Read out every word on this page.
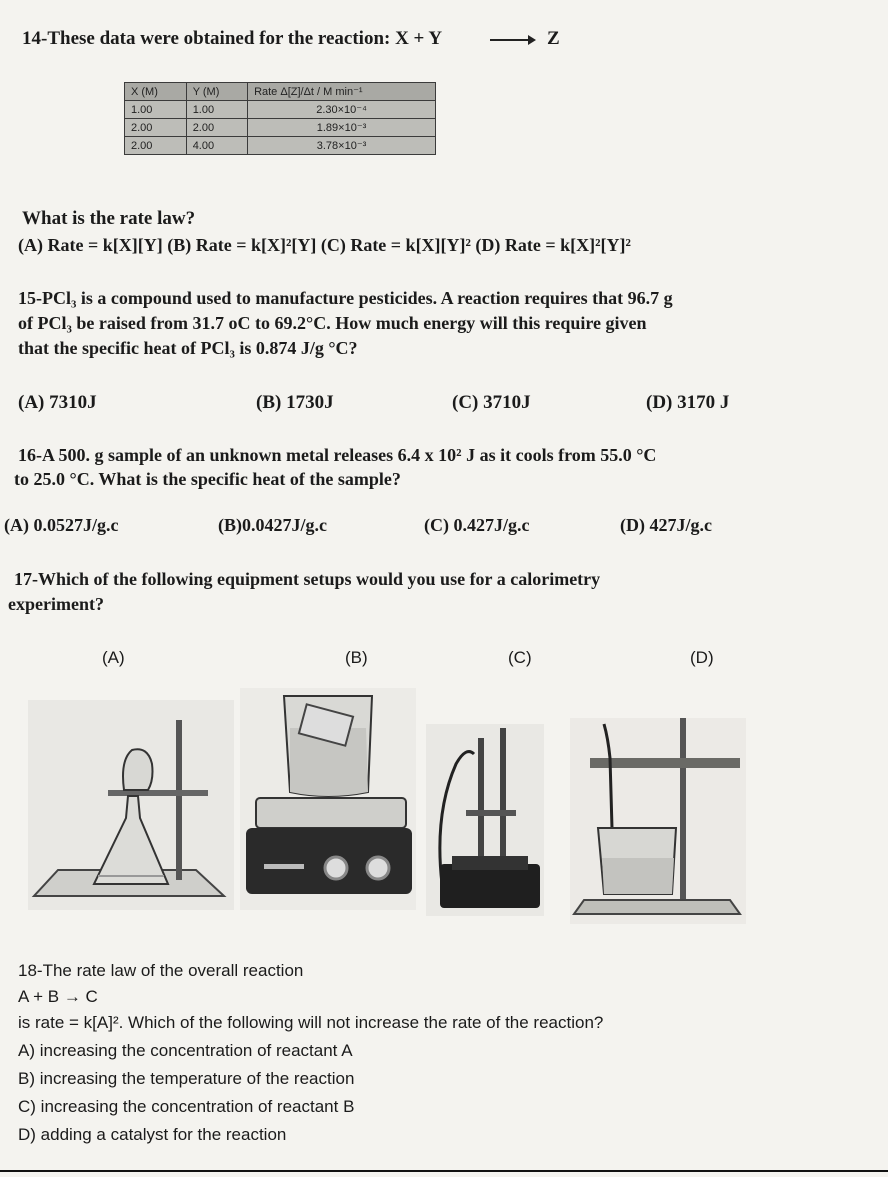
14-These data were obtained for the reaction: X + Y	→ Z
X (M)	Y (M)	Rate Δ[Z]/Δt / M min⁻¹
1.00	1.00	2.30×10⁻⁴
2.00	2.00	1.89×10⁻³
2.00	4.00	3.78×10⁻³
What is the rate law?
(A) Rate = k[X][Y] (B) Rate = k[X]²[Y] (C) Rate = k[X][Y]² (D) Rate = k[X]²[Y]²
15-PCl₃ is a compound used to manufacture pesticides. A reaction requires that 96.7 g
of PCl₃ be raised from 31.7 oC to 69.2°C. How much energy will this require given
that the specific heat of PCl₃ is 0.874 J/g °C?
(A) 7310J	(B) 1730J	(C) 3710J	(D) 3170 J
16-A 500. g sample of an unknown metal releases 6.4 x 10² J as it cools from 55.0 °C
to 25.0 °C. What is the specific heat of the sample?
(A) 0.0527J/g.c	(B)0.0427J/g.c	(C) 0.427J/g.c	(D) 427J/g.c
17-Which of the following equipment setups would you use for a calorimetry
experiment?
(A)	(B)	(C)	(D)
18-The rate law of the overall reaction
A + B → C
is rate = k[A]². Which of the following will not increase the rate of the reaction?
A) increasing the concentration of reactant A
B) increasing the temperature of the reaction
C) increasing the concentration of reactant B
D) adding a catalyst for the reaction
